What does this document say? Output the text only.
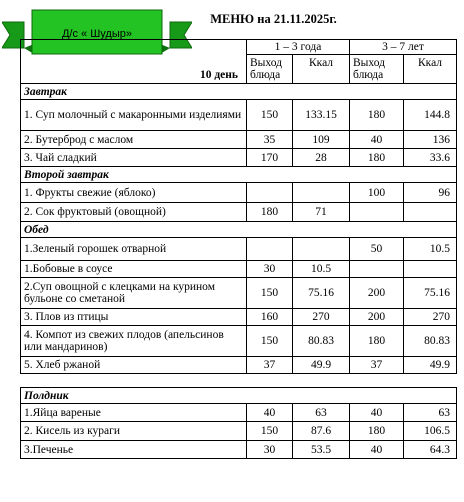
Д/с « Шудыр»
МЕНЮ на 21.11.2025г.				
10 день	1 – 3 года		3 – 7 лет	
	Выход блюда	Ккал	Выход блюда	Ккал
Завтрак				
1. Суп молочный с макаронными изделиями	150	133.15	180	144.8
2. Бутерброд с маслом	35	109	40	136
3. Чай сладкий	170	28	180	33.6
Второй завтрак				
1. Фрукты свежие (яблоко)			100	96
2. Сок фруктовый (овощной)	180	71		
Обед				
1.Зеленый горошек отварной			50	10.5
1.Бобовые в соусе	30	10.5		
2.Суп овощной с клецками на курином бульоне со сметаной	150	75.16	200	75.16
3. Плов из птицы	160	270	200	270
4. Компот из свежих плодов (апельсинов или мандаринов)	150	80.83	180	80.83
5. Хлеб ржаной	37	49.9	37	49.9

Полдник				
1.Яйца вареные	40	63	40	63
2. Кисель из кураги	150	87.6	180	106.5
3.Печенье	30	53.5	40	64.3
